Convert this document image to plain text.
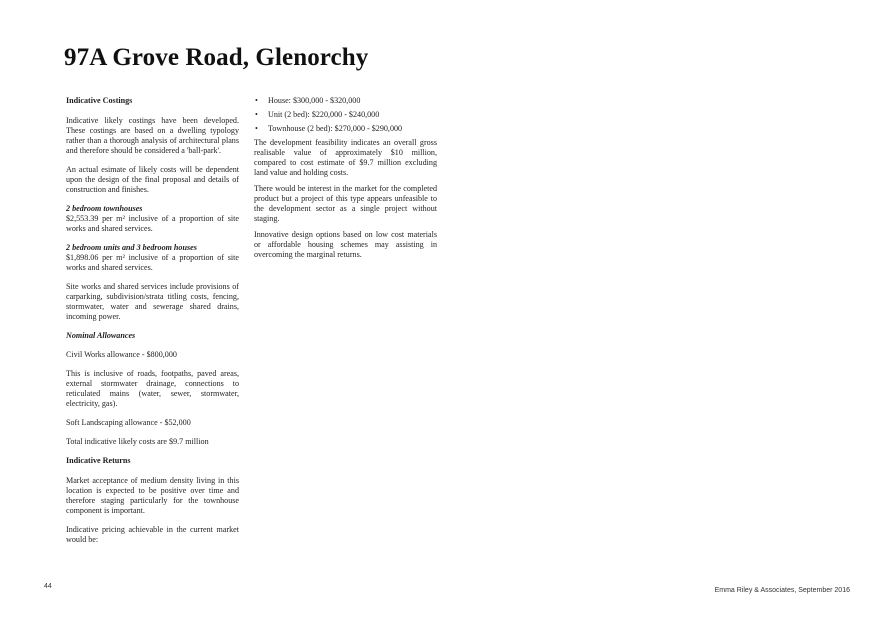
97A Grove Road, Glenorchy
Indicative Costings

Indicative likely costings have been developed. These costings are based on a dwelling typology rather than a thorough analysis of architectural plans and therefore should be considered a 'ball-park'.

An actual esimate of likely costs will be dependent upon the design of the final proposal and details of construction and finishes.

2 bedroom townhouses
$2,553.39 per m² inclusive of a proportion of site works and shared services.

2 bedroom units and 3 bedroom houses
$1,898.06 per m² inclusive of a proportion of site works and shared services.

Site works and shared services include provisions of carparking, subdivision/strata titling costs, fencing, stormwater, water and sewerage shared drains, incoming power.

Nominal Allowances

Civil Works allowance - $800,000

This is inclusive of roads, footpaths, paved areas, external stormwater drainage, connections to reticulated mains (water, sewer, stormwater, electricity, gas).

Soft Landscaping allowance - $52,000

Total indicative likely costs are $9.7 million

Indicative Returns

Market acceptance of medium density living in this location is expected to be positive over time and therefore staging particularly for the townhouse component is important.

Indicative pricing achievable in the current market would be:

• House: $300,000 - $320,000
• Unit (2 bed): $220,000 - $240,000
• Townhouse (2 bed): $270,000 - $290,000

The development feasibility indicates an overall gross realisable value of approximately $10 million, compared to cost estimate of $9.7 million excluding land value and holding costs.

There would be interest in the market for the completed product but a project of this type appears unfeasible to the development sector as a single project without staging.

Innovative design options based on low cost materials or affordable housing schemes may assisting in overcoming the marginal returns.

44
Emma Riley & Associates, September 2016
